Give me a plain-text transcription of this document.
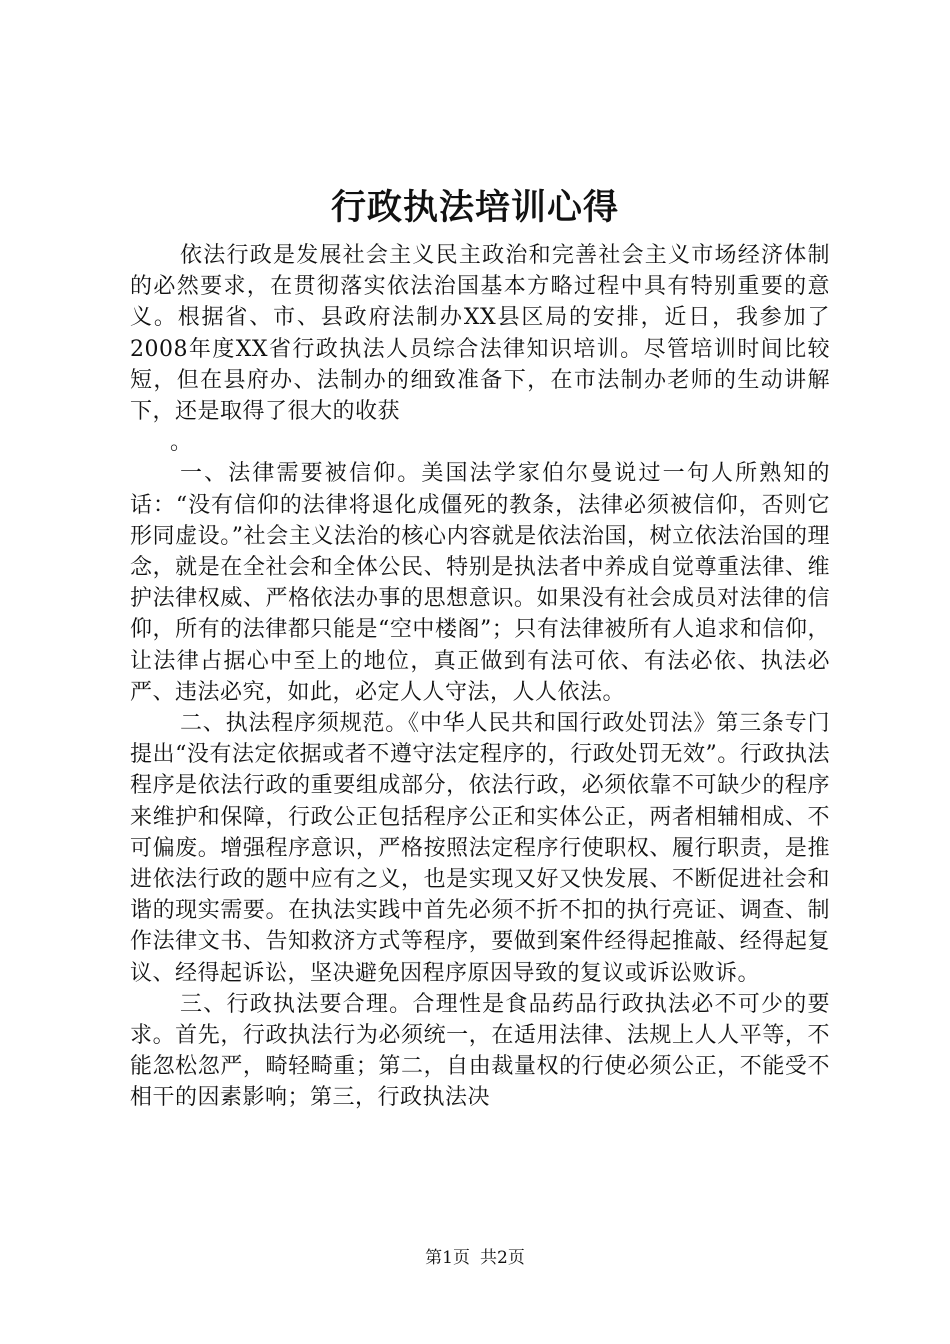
行政执法培训心得

依法行政是发展社会主义民主政治和完善社会主义市场经济体制的必然要求，在贯彻落实依法治国基本方略过程中具有特别重要的意义。根据省、市、县政府法制办XX县区局的安排，近日，我参加了2008年度XX省行政执法人员综合法律知识培训。尽管培训时间比较短，但在县府办、法制办的细致准备下，在市法制办老师的生动讲解下，还是取得了很大的收获

。

一、法律需要被信仰。美国法学家伯尔曼说过一句人所熟知的话：“没有信仰的法律将退化成僵死的教条，法律必须被信仰，否则它形同虚设。”社会主义法治的核心内容就是依法治国，树立依法治国的理念，就是在全社会和全体公民、特别是执法者中养成自觉尊重法律、维护法律权威、严格依法办事的思想意识。如果没有社会成员对法律的信仰，所有的法律都只能是“空中楼阁”；只有法律被所有人追求和信仰，让法律占据心中至上的地位，真正做到有法可依、有法必依、执法必严、违法必究，如此，必定人人守法，人人依法。

二、执法程序须规范。《中华人民共和国行政处罚法》第三条专门提出“没有法定依据或者不遵守法定程序的，行政处罚无效”。行政执法程序是依法行政的重要组成部分，依法行政，必须依靠不可缺少的程序来维护和保障，行政公正包括程序公正和实体公正，两者相辅相成、不可偏废。增强程序意识，严格按照法定程序行使职权、履行职责，是推进依法行政的题中应有之义，也是实现又好又快发展、不断促进社会和谐的现实需要。在执法实践中首先必须不折不扣的执行亮证、调查、制作法律文书、告知救济方式等程序，要做到案件经得起推敲、经得起复议、经得起诉讼，坚决避免因程序原因导致的复议或诉讼败诉。

三、行政执法要合理。合理性是食品药品行政执法必不可少的要求。首先，行政执法行为必须统一，在适用法律、法规上人人平等，不能忽松忽严，畸轻畸重；第二，自由裁量权的行使必须公正，不能受不相干的因素影响；第三，行政执法决

第1页 共2页
